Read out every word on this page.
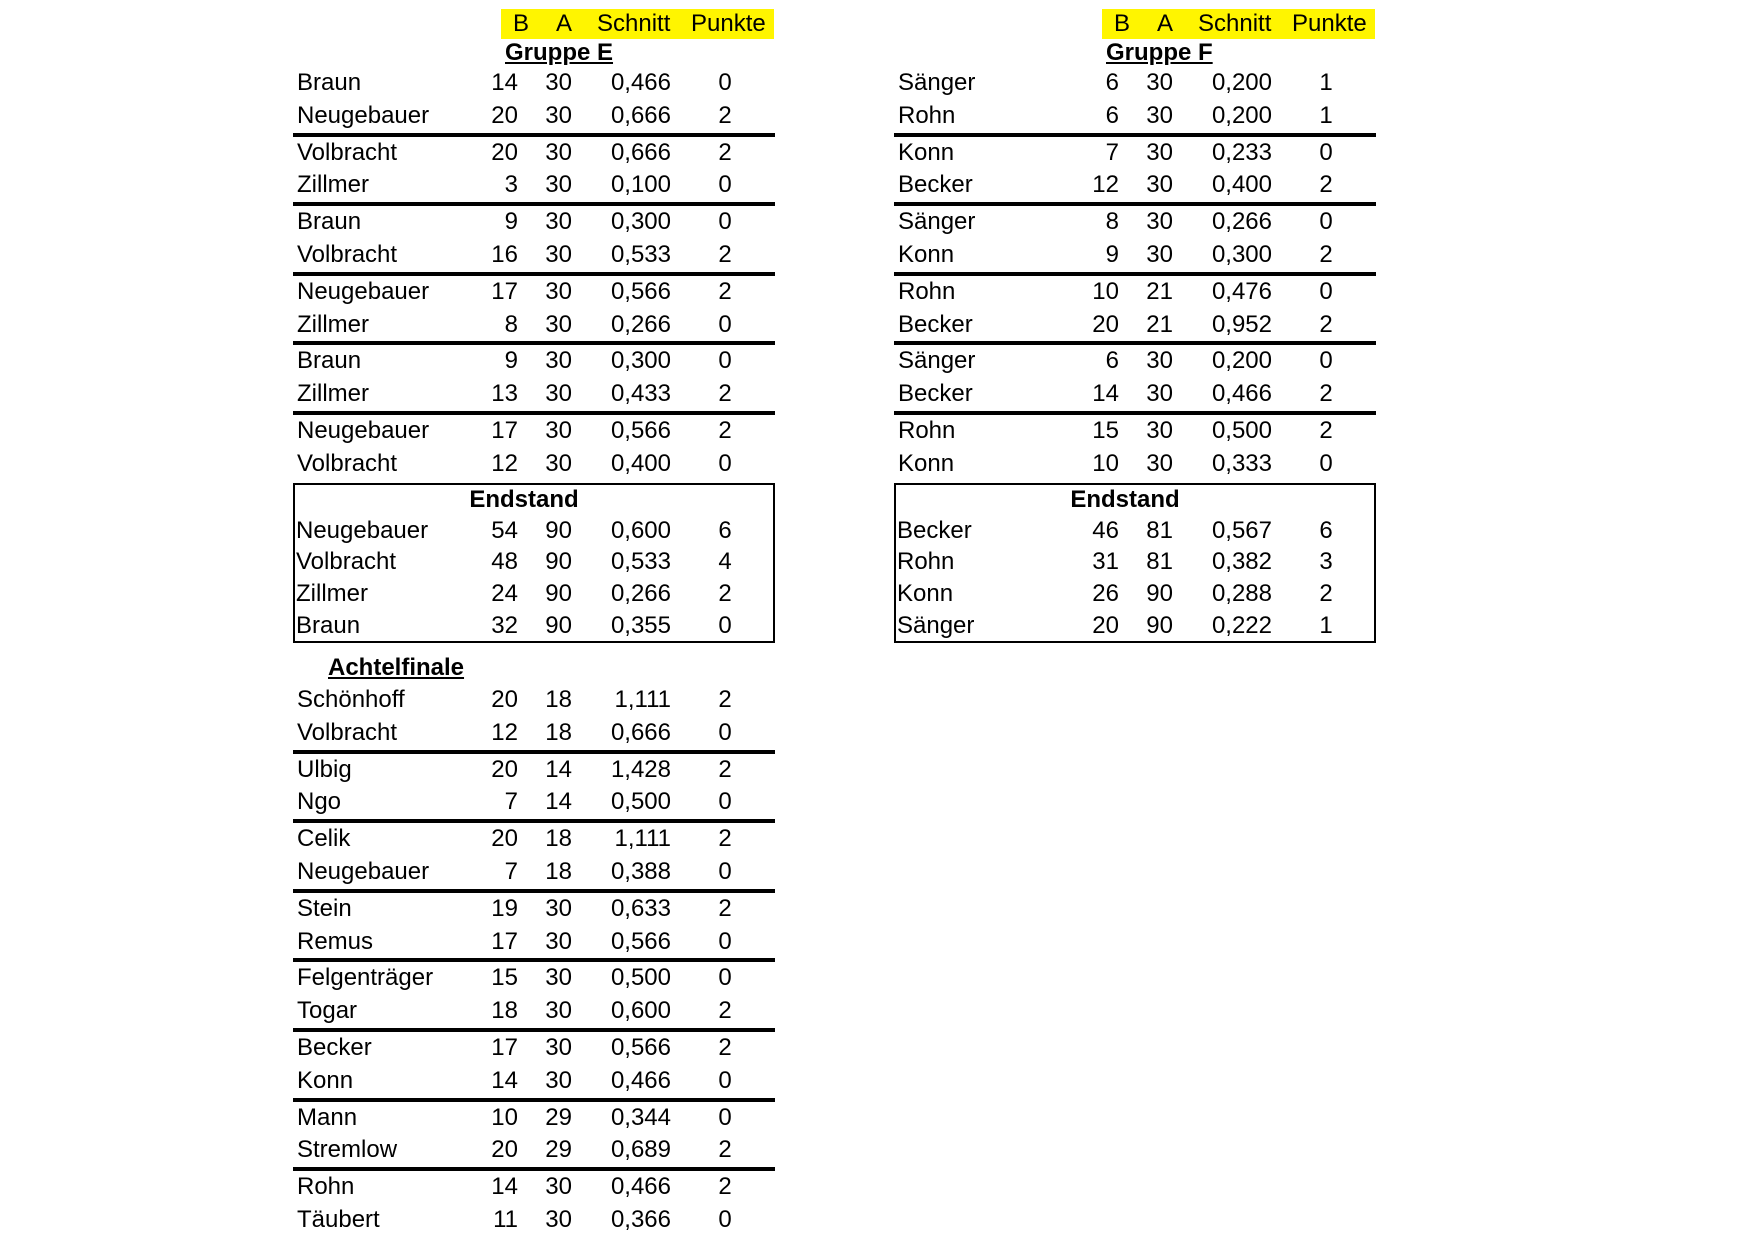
B A Schnitt Punkte
Gruppe E
Braun	14	30	0,466	0
Neugebauer	20	30	0,666	2
Volbracht	20	30	0,666	2
Zillmer	3	30	0,100	0
Braun	9	30	0,300	0
Volbracht	16	30	0,533	2
Neugebauer	17	30	0,566	2
Zillmer	8	30	0,266	0
Braun	9	30	0,300	0
Zillmer	13	30	0,433	2
Neugebauer	17	30	0,566	2
Volbracht	12	30	0,400	0
Endstand
Neugebauer	54	90	0,600	6
Volbracht	48	90	0,533	4
Zillmer	24	90	0,266	2
Braun	32	90	0,355	0
B A Schnitt Punkte
Gruppe F
Sänger	6	30	0,200	1
Rohn	6	30	0,200	1
Konn	7	30	0,233	0
Becker	12	30	0,400	2
Sänger	8	30	0,266	0
Konn	9	30	0,300	2
Rohn	10	21	0,476	0
Becker	20	21	0,952	2
Sänger	6	30	0,200	0
Becker	14	30	0,466	2
Rohn	15	30	0,500	2
Konn	10	30	0,333	0
Endstand
Becker	46	81	0,567	6
Rohn	31	81	0,382	3
Konn	26	90	0,288	2
Sänger	20	90	0,222	1
Achtelfinale
Schönhoff	20	18	1,111	2
Volbracht	12	18	0,666	0
Ulbig	20	14	1,428	2
Ngo	7	14	0,500	0
Celik	20	18	1,111	2
Neugebauer	7	18	0,388	0
Stein	19	30	0,633	2
Remus	17	30	0,566	0
Felgenträger	15	30	0,500	0
Togar	18	30	0,600	2
Becker	17	30	0,566	2
Konn	14	30	0,466	0
Mann	10	29	0,344	0
Stremlow	20	29	0,689	2
Rohn	14	30	0,466	2
Täubert	11	30	0,366	0
